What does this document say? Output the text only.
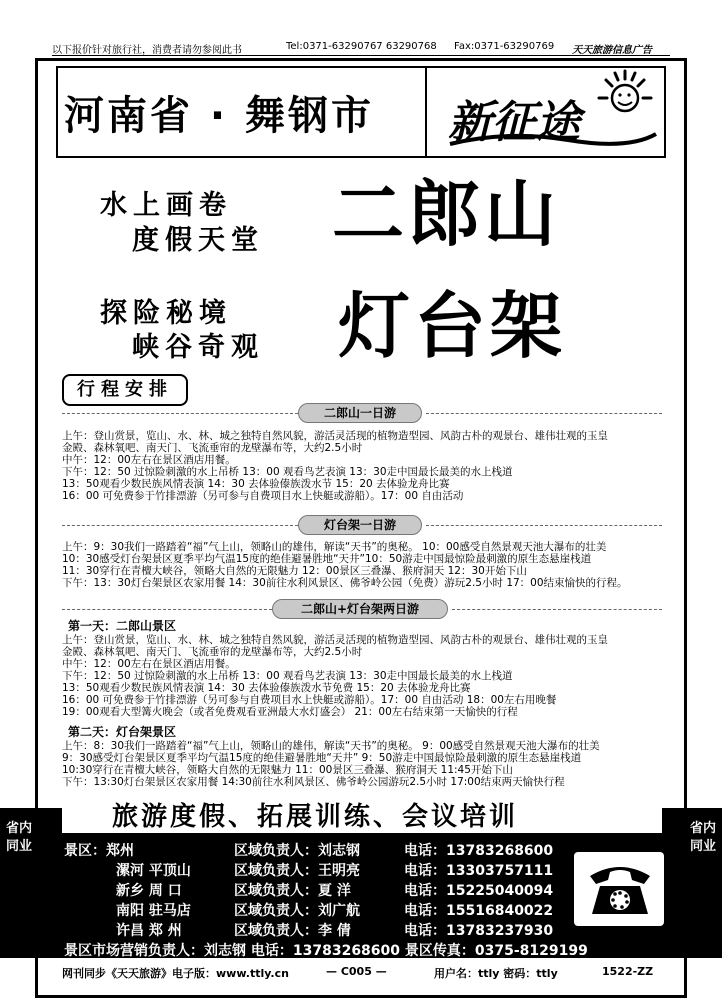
以下报价针对旅行社，消费者请勿参阅此书	Tel:0371-63290767 63290768 Fax:0371-63290769 天天旅游信息广告
河南省 · 舞钢市 新征途
水上画卷
度假天堂
探险秘境
峡谷奇观
二郎山
灯台架
行程安排
二郎山一日游
上午：登山赏景，览山、水、林、城之独特自然风貌，游活灵活现的植物造型园、风韵古朴的观景台、雄伟壮观的玉皇
金殿、森林氧吧、南天门、飞流垂帘的龙壁瀑布等，大约2.5小时
中午：12：00左右在景区酒店用餐。
下午：12：50 过惊险刺激的水上吊桥 13：00 观看鸟艺表演 13：30走中国最长最美的水上栈道
13：50观看少数民族风情表演 14：30 去体验傣族泼水节 15：20 去体验龙舟比赛
16：00 可免费参于竹排漂游（另可参与自费项目水上快艇或游船）。17：00 自由活动
灯台架一日游
上午：9：30我们一路踏着“福”气上山，领略山的雄伟，解读“天书”的奥秘。 10：00感受自然景观天池大瀑布的壮美
10：30感受灯台架景区夏季平均气温15度的绝佳避暑胜地“天井”10：50游走中国最惊险最刺激的原生态悬崖栈道
11：30穿行在青檀大峡谷，领略大自然的无限魅力 12：00景区三叠瀑、猴府洞天 12：30开始下山
下午：13：30灯台架景区农家用餐 14：30前往水利风景区、佛爷岭公园（免费）游玩2.5小时 17：00结束愉快的行程。
二郎山+灯台架两日游
第一天：二郎山景区
上午：登山赏景，览山、水、林、城之独特自然风貌，游活灵活现的植物造型园、风韵古朴的观景台、雄伟壮观的玉皇
金殿、森林氧吧、南天门、飞流垂帘的龙壁瀑布等，大约2.5小时
中午：12：00左右在景区酒店用餐。
下午：12：50 过惊险刺激的水上吊桥 13：00 观看鸟艺表演 13：30走中国最长最美的水上栈道
13：50观看少数民族风情表演 14：30 去体验傣族泼水节免费 15：20 去体验龙舟比赛
16：00 可免费参于竹排漂游（另可参与自费项目水上快艇或游船）。17：00 自由活动 18：00左右用晚餐
19：00观看大型篝火晚会（或者免费观看亚洲最大水灯盛会） 21：00左右结束第一天愉快的行程
第二天：灯台架景区
上午：8：30我们一路踏着“福”气上山，领略山的雄伟，解读“天书”的奥秘。 9：00感受自然景观天池大瀑布的壮美
9：30感受灯台架景区夏季平均气温15度的绝佳避暑胜地“天井” 9：50游走中国最惊险最刺激的原生态悬崖栈道
10:30穿行在青檀大峡谷，领略大自然的无限魅力 11：00景区三叠瀑、猴府洞天 11:45开始下山
下午：13:30灯台架景区农家用餐 14:30前往水利风景区、佛爷岭公园游玩2.5小时 17:00结束两天愉快行程
旅游度假、拓展训练、会议培训
省内同业
省内同业
景区：郑州	区域负责人：刘志钢	电话：13783268600
漯河 平顶山	区域负责人：王明亮	电话：13303757111
新乡 周 口	区域负责人：夏 洋	电话：15225040094
南阳 驻马店	区域负责人：刘广航	电话：15516840022
许昌 郑 州	区域负责人：李 倩	电话：13783237930
景区市场营销负责人：刘志钢 电话：13783268600 景区传真：0375-8129199
网刊同步《天天旅游》电子版：www.ttly.cn	— C005 —	用户名：ttly 密码：ttly	1522-ZZ
